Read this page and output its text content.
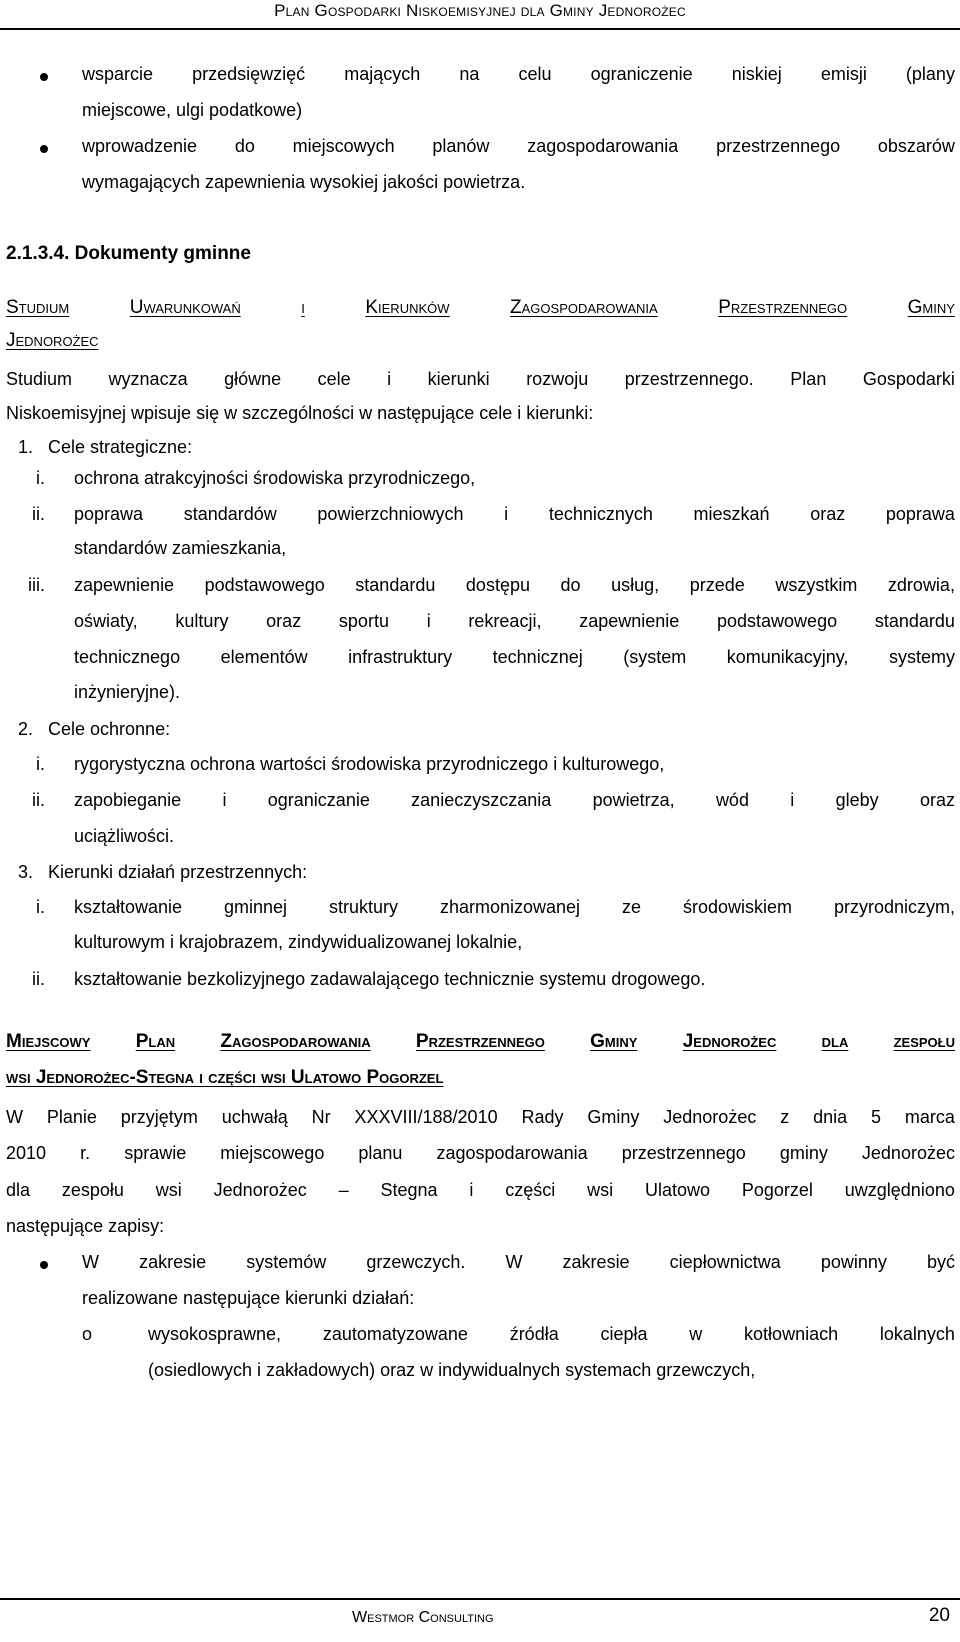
Plan Gospodarki Niskoemisyjnej dla Gminy Jednorożec
wsparcie przedsięwzięć mających na celu ograniczenie niskiej emisji (plany
miejscowe, ulgi podatkowe)
wprowadzenie do miejscowych planów zagospodarowania przestrzennego obszarów
wymagających zapewnienia wysokiej jakości powietrza.
2.1.3.4. Dokumenty gminne
Studium	Uwarunkowań	i	Kierunków	Zagospodarowania	Przestrzennego	Gminy
Jednorożec
Studium wyznacza główne cele i kierunki rozwoju przestrzennego. Plan Gospodarki
Niskoemisyjnej wpisuje się w szczególności w następujące cele i kierunki:
1. Cele strategiczne:
i. ochrona atrakcyjności środowiska przyrodniczego,
ii. poprawa standardów powierzchniowych i technicznych mieszkań oraz poprawa
standardów zamieszkania,
iii. zapewnienie podstawowego standardu dostępu do usług, przede wszystkim zdrowia,
oświaty, kultury oraz sportu i rekreacji, zapewnienie podstawowego standardu
technicznego elementów infrastruktury technicznej (system komunikacyjny, systemy
inżynieryjne).
2. Cele ochronne:
i. rygorystyczna ochrona wartości środowiska przyrodniczego i kulturowego,
ii. zapobieganie i ograniczanie zanieczyszczania powietrza, wód i gleby oraz
uciążliwości.
3. Kierunki działań przestrzennych:
i. kształtowanie gminnej struktury zharmonizowanej ze środowiskiem przyrodniczym,
kulturowym i krajobrazem, zindywidualizowanej lokalnie,
ii. kształtowanie bezkolizyjnego zadawalającego technicznie systemu drogowego.
Miejscowy Plan Zagospodarowania Przestrzennego Gminy Jednorożec dla zespołu
wsi Jednorożec-Stegna i części wsi Ulatowo Pogorzel
W Planie przyjętym uchwałą Nr XXXVIII/188/2010 Rady Gminy Jednorożec z dnia 5 marca
2010 r. sprawie miejscowego planu zagospodarowania przestrzennego gminy Jednorożec
dla zespołu wsi Jednorożec – Stegna i części wsi Ulatowo Pogorzel uwzględniono
następujące zapisy:
W zakresie systemów grzewczych. W zakresie ciepłownictwa powinny być
realizowane następujące kierunki działań:
o	wysokosprawne, zautomatyzowane źródła ciepła w kotłowniach lokalnych
(osiedlowych i zakładowych) oraz w indywidualnych systemach grzewczych,
Westmor Consulting	20
